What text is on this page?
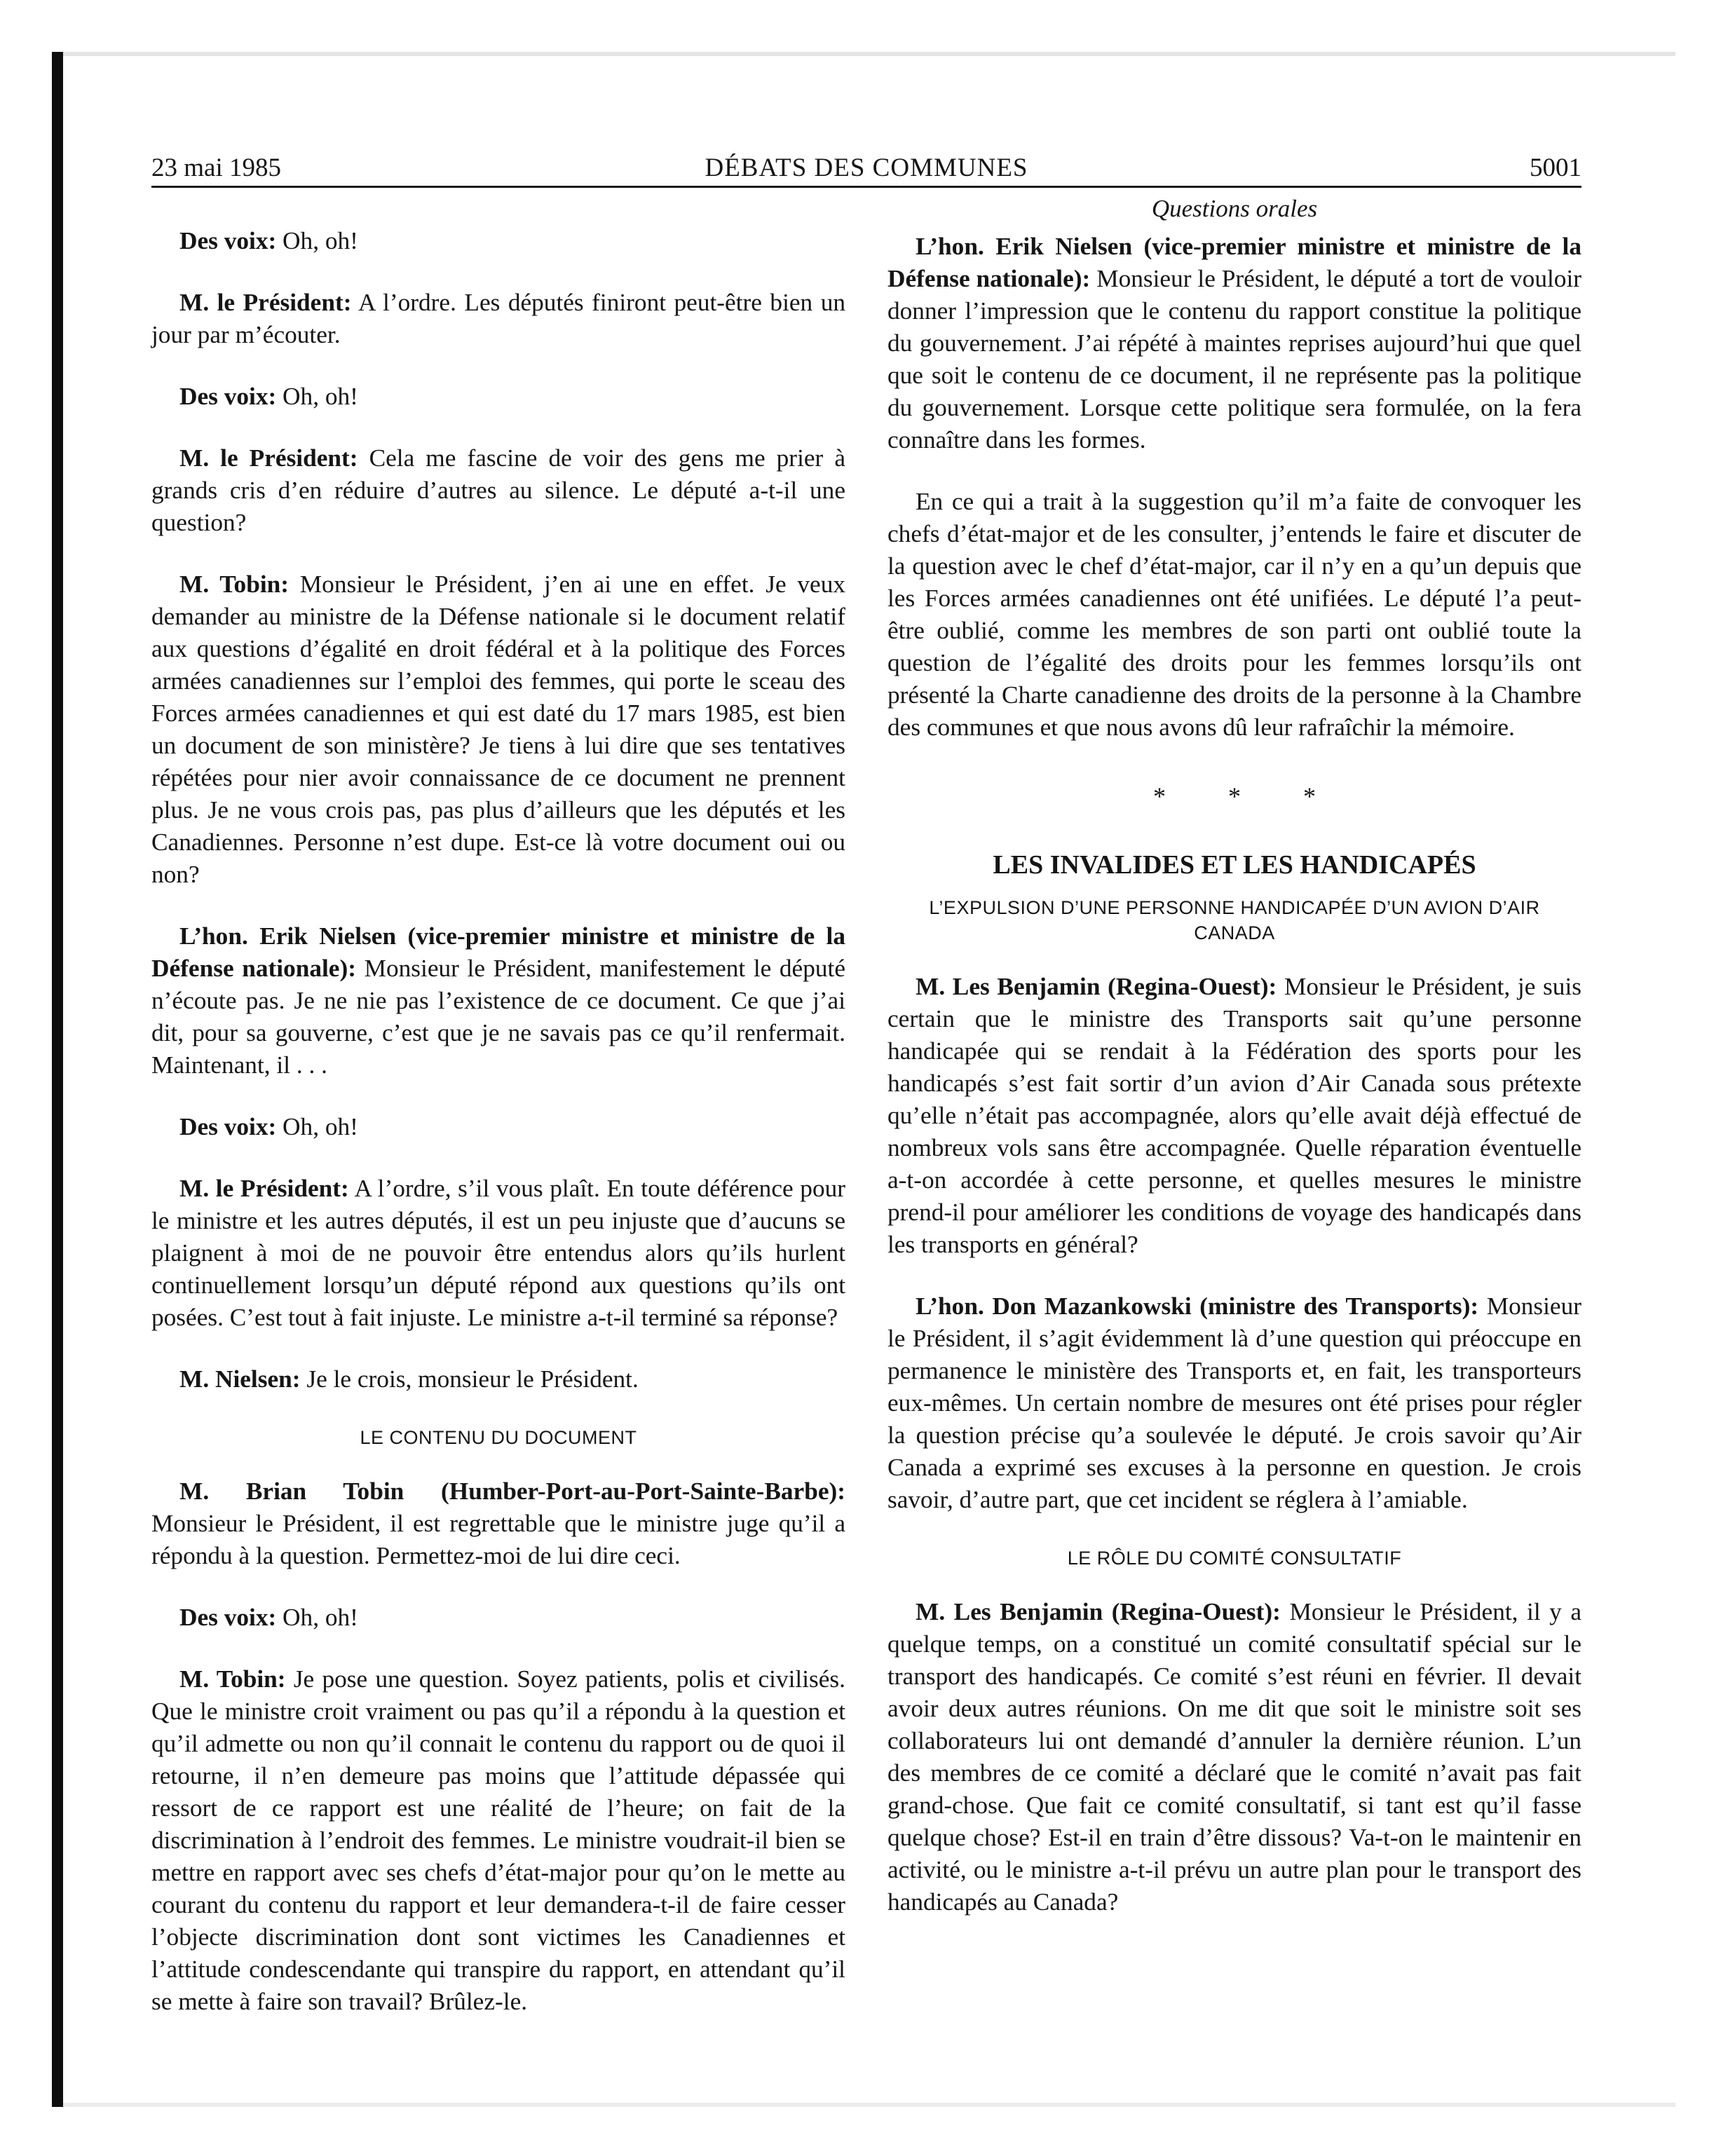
23 mai 1985	DÉBATS DES COMMUNES	5001

Des voix: Oh, oh!

M. le Président: A l’ordre. Les députés finiront peut-être bien un jour par m’écouter.

Des voix: Oh, oh!

M. le Président: Cela me fascine de voir des gens me prier à grands cris d’en réduire d’autres au silence. Le député a-t-il une question?

M. Tobin: Monsieur le Président, j’en ai une en effet. Je veux demander au ministre de la Défense nationale si le document relatif aux questions d’égalité en droit fédéral et à la politique des Forces armées canadiennes sur l’emploi des femmes, qui porte le sceau des Forces armées canadiennes et qui est daté du 17 mars 1985, est bien un document de son ministère? Je tiens à lui dire que ses tentatives répétées pour nier avoir connaissance de ce document ne prennent plus. Je ne vous crois pas, pas plus d’ailleurs que les députés et les Canadiennes. Personne n’est dupe. Est-ce là votre document oui ou non?

L’hon. Erik Nielsen (vice-premier ministre et ministre de la Défense nationale): Monsieur le Président, manifestement le député n’écoute pas. Je ne nie pas l’existence de ce document. Ce que j’ai dit, pour sa gouverne, c’est que je ne savais pas ce qu’il renfermait. Maintenant, il . . .

Des voix: Oh, oh!

M. le Président: A l’ordre, s’il vous plaît. En toute déférence pour le ministre et les autres députés, il est un peu injuste que d’aucuns se plaignent à moi de ne pouvoir être entendus alors qu’ils hurlent continuellement lorsqu’un député répond aux questions qu’ils ont posées. C’est tout à fait injuste. Le ministre a-t-il terminé sa réponse?

M. Nielsen: Je le crois, monsieur le Président.

LE CONTENU DU DOCUMENT

M. Brian Tobin (Humber-Port-au-Port-Sainte-Barbe): Monsieur le Président, il est regrettable que le ministre juge qu’il a répondu à la question. Permettez-moi de lui dire ceci.

Des voix: Oh, oh!

M. Tobin: Je pose une question. Soyez patients, polis et civilisés. Que le ministre croit vraiment ou pas qu’il a répondu à la question et qu’il admette ou non qu’il connait le contenu du rapport ou de quoi il retourne, il n’en demeure pas moins que l’attitude dépassée qui ressort de ce rapport est une réalité de l’heure; on fait de la discrimination à l’endroit des femmes. Le ministre voudrait-il bien se mettre en rapport avec ses chefs d’état-major pour qu’on le mette au courant du contenu du rapport et leur demandera-t-il de faire cesser l’objecte discrimination dont sont victimes les Canadiennes et l’attitude condescendante qui transpire du rapport, en attendant qu’il se mette à faire son travail? Brûlez-le.

Questions orales

L’hon. Erik Nielsen (vice-premier ministre et ministre de la Défense nationale): Monsieur le Président, le député a tort de vouloir donner l’impression que le contenu du rapport constitue la politique du gouvernement. J’ai répété à maintes reprises aujourd’hui que quel que soit le contenu de ce document, il ne représente pas la politique du gouvernement. Lorsque cette politique sera formulée, on la fera connaître dans les formes.

En ce qui a trait à la suggestion qu’il m’a faite de convoquer les chefs d’état-major et de les consulter, j’entends le faire et discuter de la question avec le chef d’état-major, car il n’y en a qu’un depuis que les Forces armées canadiennes ont été unifiées. Le député l’a peut-être oublié, comme les membres de son parti ont oublié toute la question de l’égalité des droits pour les femmes lorsqu’ils ont présenté la Charte canadienne des droits de la personne à la Chambre des communes et que nous avons dû leur rafraîchir la mémoire.

* * *
LES INVALIDES ET LES HANDICAPÉS
L’EXPULSION D’UNE PERSONNE HANDICAPÉE D’UN AVION D’AIR CANADA

M. Les Benjamin (Regina-Ouest): Monsieur le Président, je suis certain que le ministre des Transports sait qu’une personne handicapée qui se rendait à la Fédération des sports pour les handicapés s’est fait sortir d’un avion d’Air Canada sous prétexte qu’elle n’était pas accompagnée, alors qu’elle avait déjà effectué de nombreux vols sans être accompagnée. Quelle réparation éventuelle a-t-on accordée à cette personne, et quelles mesures le ministre prend-il pour améliorer les conditions de voyage des handicapés dans les transports en général?

L’hon. Don Mazankowski (ministre des Transports): Monsieur le Président, il s’agit évidemment là d’une question qui préoccupe en permanence le ministère des Transports et, en fait, les transporteurs eux-mêmes. Un certain nombre de mesures ont été prises pour régler la question précise qu’a soulevée le député. Je crois savoir qu’Air Canada a exprimé ses excuses à la personne en question. Je crois savoir, d’autre part, que cet incident se réglera à l’amiable.

LE RÔLE DU COMITÉ CONSULTATIF

M. Les Benjamin (Regina-Ouest): Monsieur le Président, il y a quelque temps, on a constitué un comité consultatif spécial sur le transport des handicapés. Ce comité s’est réuni en février. Il devait avoir deux autres réunions. On me dit que soit le ministre soit ses collaborateurs lui ont demandé d’annuler la dernière réunion. L’un des membres de ce comité a déclaré que le comité n’avait pas fait grand-chose. Que fait ce comité consultatif, si tant est qu’il fasse quelque chose? Est-il en train d’être dissous? Va-t-on le maintenir en activité, ou le ministre a-t-il prévu un autre plan pour le transport des handicapés au Canada?
